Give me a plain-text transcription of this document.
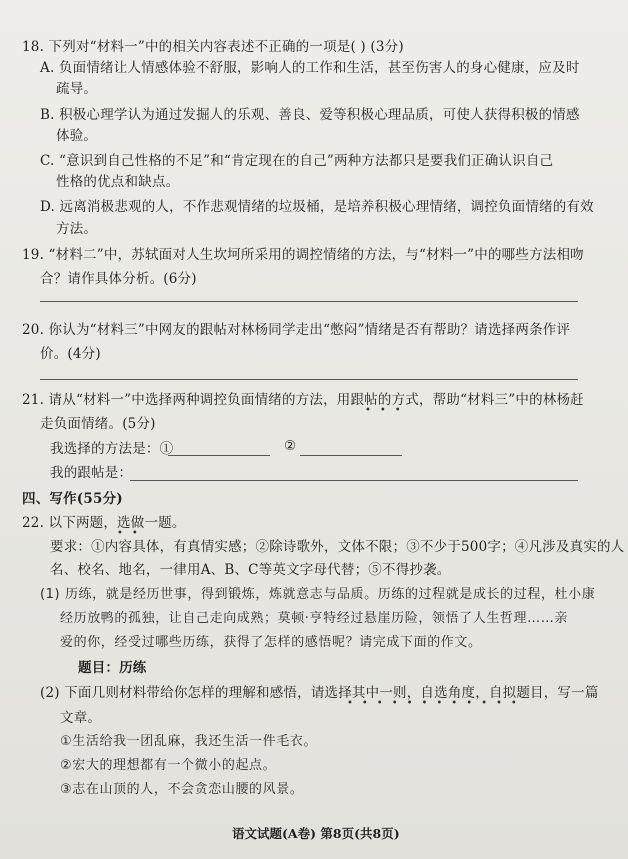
18. 下列对“材料一”中的相关内容表述不正确的一项是( ) (3分)
A. 负面情绪让人情感体验不舒服，影响人的工作和生活，甚至伤害人的身心健康，应及时
疏导。
B. 积极心理学认为通过发掘人的乐观、善良、爱等积极心理品质，可使人获得积极的情感
体验。
C. “意识到自己性格的不足”和“肯定现在的自己”两种方法都只是要我们正确认识自己
性格的优点和缺点。
D. 远离消极悲观的人，不作悲观情绪的垃圾桶，是培养积极心理情绪，调控负面情绪的有效
方法。
19. “材料二”中，苏轼面对人生坎坷所采用的调控情绪的方法，与“材料一”中的哪些方法相吻
合？请作具体分析。(6分)
20. 你认为“材料三”中网友的跟帖对林杨同学走出“憋闷”情绪是否有帮助？请选择两条作评
价。(4分)
21. 请从“材料一”中选择两种调控负面情绪的方法，用跟帖的方式，帮助“材料三”中的林杨赶
•••
走负面情绪。(5分)
我选择的方法是：①	②
我的跟帖是：
四、写作(55分)
22. 以下两题，选做一题。
••
要求：①内容具体，有真情实感；②除诗歌外，文体不限；③不少于500字；④凡涉及真实的人
名、校名、地名，一律用A、B、C等英文字母代替；⑤不得抄袭。
(1) 历练，就是经历世事，得到锻炼，炼就意志与品质。历练的过程就是成长的过程，杜小康
经历放鸭的孤独，让自己走向成熟；莫顿·亨特经过悬崖历险，领悟了人生哲理……亲
爱的你，经受过哪些历练，获得了怎样的感悟呢？请完成下面的作文。
题目：历练
(2) 下面几则材料带给你怎样的理解和感悟，请选择其中一则，自选角度，自拟题目，写一篇
••••••••••••
文章。
①生活给我一团乱麻，我还生活一件毛衣。
②宏大的理想都有一个微小的起点。
③志在山顶的人，不会贪恋山腰的风景。
语文试题(A卷) 第8页(共8页)
